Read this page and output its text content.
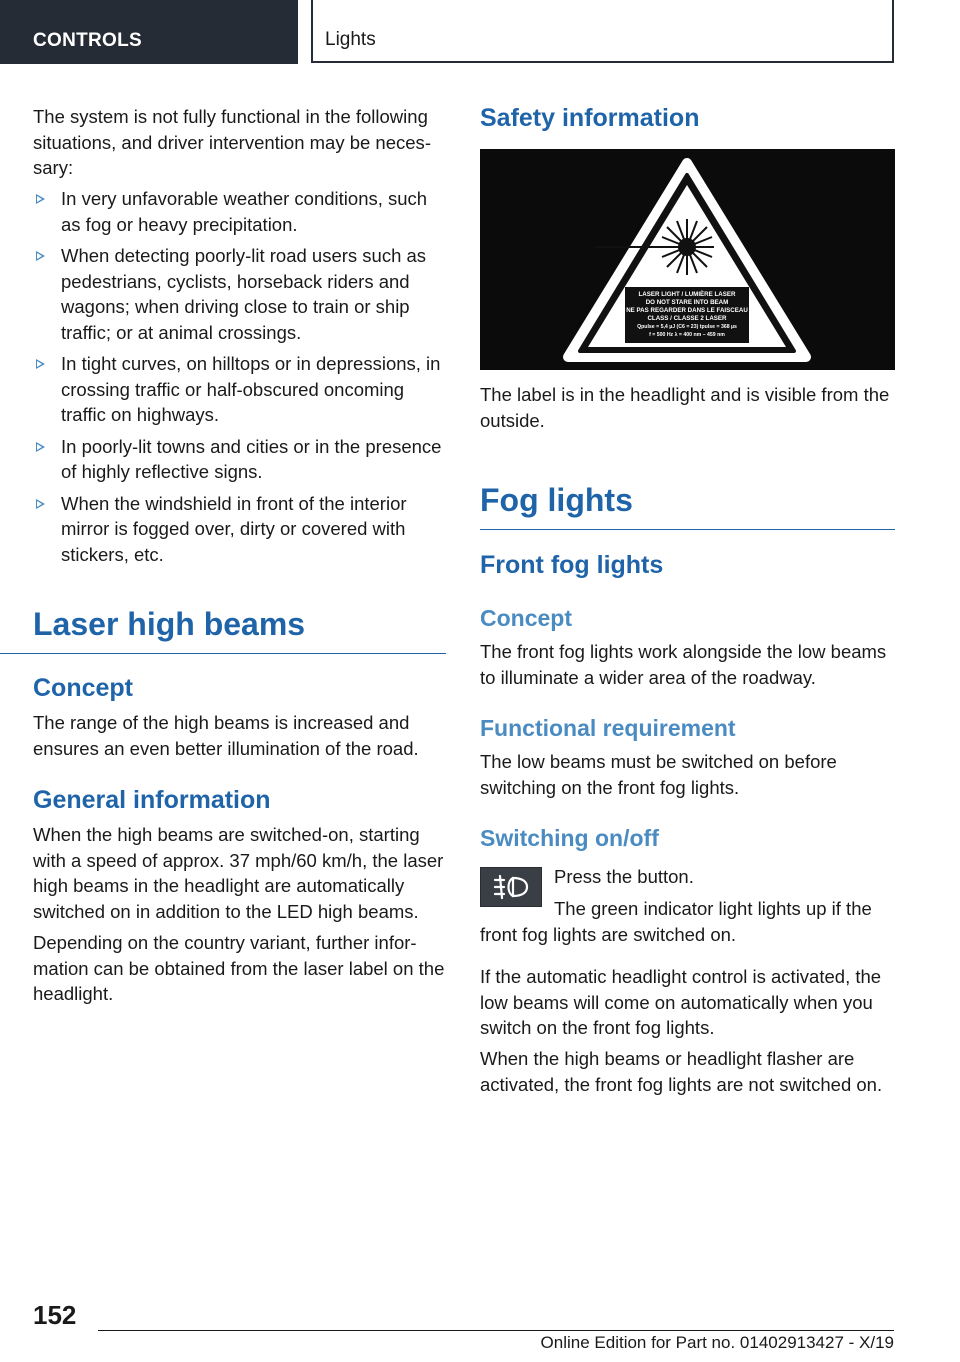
CONTROLS	Lights

The system is not fully functional in the following situations, and driver intervention may be necessary:

In very unfavorable weather conditions, such as fog or heavy precipitation.
When detecting poorly-lit road users such as pedestrians, cyclists, horseback riders and wagons; when driving close to train or ship traffic; or at animal crossings.
In tight curves, on hilltops or in depressions, in crossing traffic or half-obscured oncoming traffic on highways.
In poorly-lit towns and cities or in the presence of highly reflective signs.
When the windshield in front of the interior mirror is fogged over, dirty or covered with stickers, etc.
Laser high beams
Concept

The range of the high beams is increased and ensures an even better illumination of the road.

General information

When the high beams are switched-on, starting with a speed of approx. 37 mph/60 km/h, the laser high beams in the headlight are automatically switched on in addition to the LED high beams.

Depending on the country variant, further information can be obtained from the laser label on the headlight.

Safety information
LASER LIGHT / LUMIÈRE LASER
DO NOT STARE INTO BEAM
NE PAS REGARDER DANS LE FAISCEAU
CLASS / CLASSE 2 LASER
Qpulse = 5,4 µJ (C6 = 23) tpulse = 368 µs
f = 500 Hz λ = 400 nm – 459 nm

The label is in the headlight and is visible from the outside.

Fog lights
Front fog lights
Concept

The front fog lights work alongside the low beams to illuminate a wider area of the roadway.

Functional requirement

The low beams must be switched on before switching on the front fog lights.

Switching on/off

Press the button.

The green indicator light lights up if the front fog lights are switched on.

If the automatic headlight control is activated, the low beams will come on automatically when you switch on the front fog lights.

When the high beams or headlight flasher are activated, the front fog lights are not switched on.

152
Online Edition for Part no. 01402913427 - X/19
